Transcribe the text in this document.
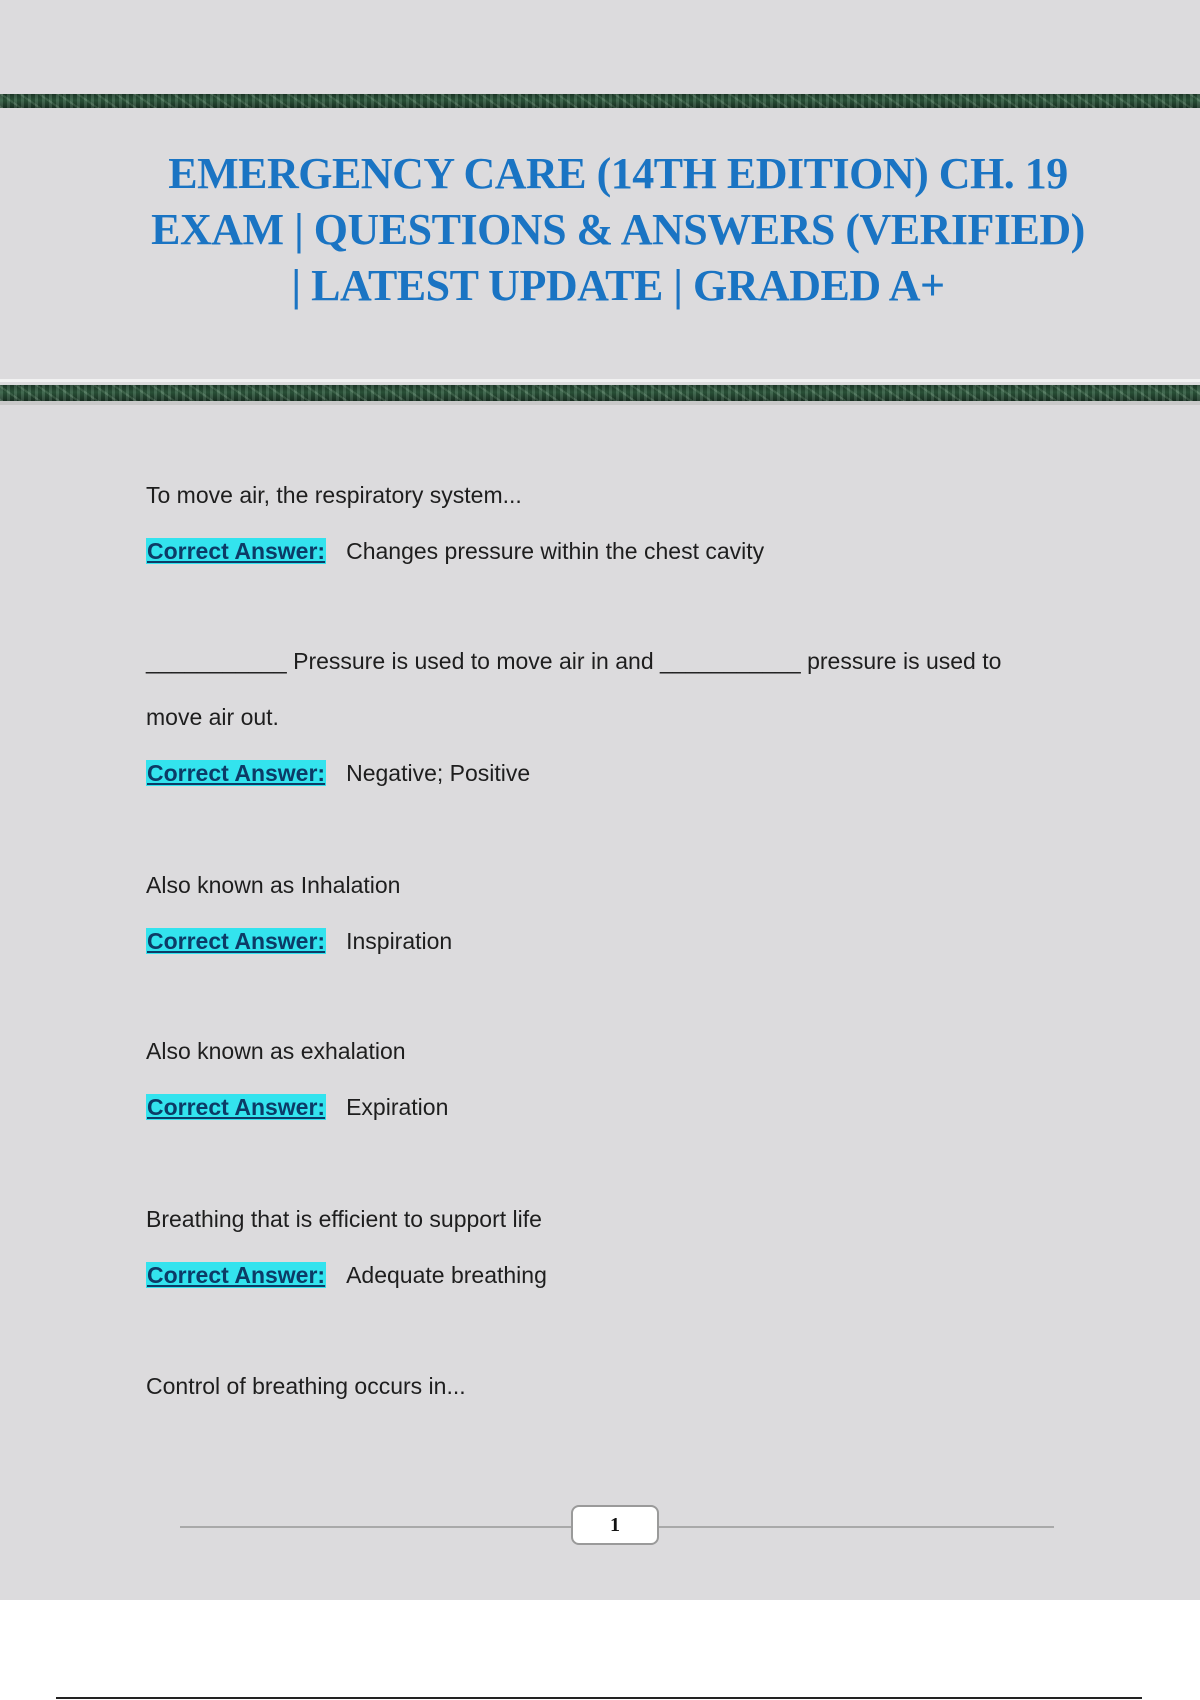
EMERGENCY CARE (14TH EDITION) CH. 19 EXAM | QUESTIONS & ANSWERS (VERIFIED) | LATEST UPDATE | GRADED A+

To move air, the respiratory system...

Correct Answer: Changes pressure within the chest cavity

___________ Pressure is used to move air in and ___________ pressure is used to

move air out.

Correct Answer: Negative; Positive

Also known as Inhalation

Correct Answer: Inspiration

Also known as exhalation

Correct Answer: Expiration

Breathing that is efficient to support life

Correct Answer: Adequate breathing

Control of breathing occurs in...

1
